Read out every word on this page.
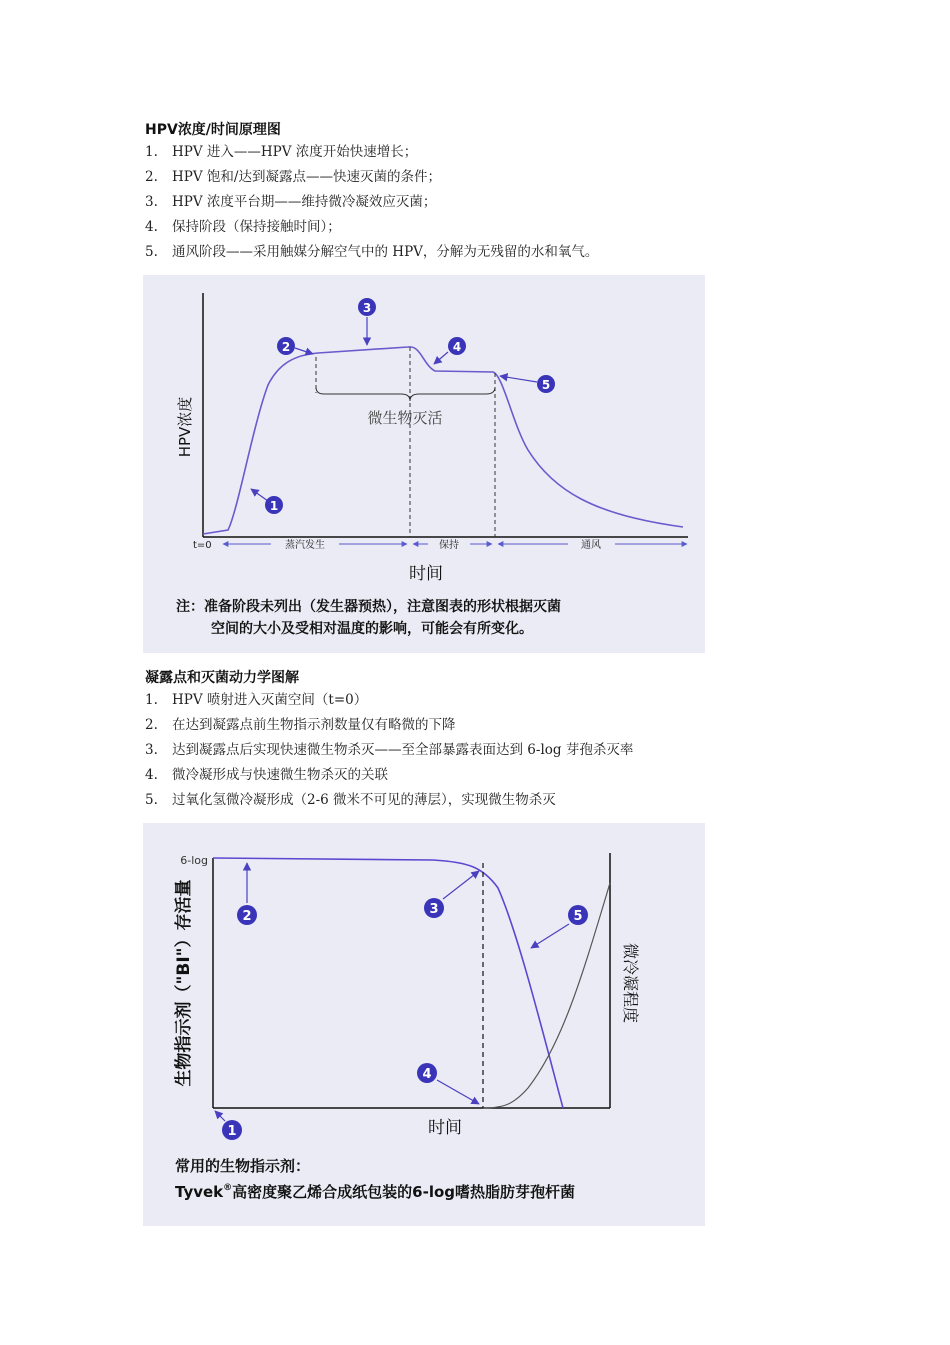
HPV浓度/时间原理图
1. HPV 进入——HPV 浓度开始快速增长；
2. HPV 饱和/达到凝露点——快速灭菌的条件；
3. HPV 浓度平台期——维持微冷凝效应灭菌；
4. 保持阶段（保持接触时间）；
5. 通风阶段——采用触媒分解空气中的 HPV，分解为无残留的水和氧气。
微生物灭活
HPV浓度
1
2
3
4
5
t=0	蒸汽发生	保持	通风
时间
注：准备阶段未列出（发生器预热），注意图表的形状根据灭菌
空间的大小及受相对温度的影响，可能会有所变化。
凝露点和灭菌动力学图解
1. HPV 喷射进入灭菌空间（t=0）
2. 在达到凝露点前生物指示剂数量仅有略微的下降
3. 达到凝露点后实现快速微生物杀灭——至全部暴露表面达到 6-log 芽孢杀灭率
4. 微冷凝形成与快速微生物杀灭的关联
5. 过氧化氢微冷凝形成（2-6 微米不可见的薄层），实现微生物杀灭
6-log
生物指示剂（"BI"）存活量	微冷凝程度
1
2	3
4
5
时间
常用的生物指示剂：
Tyvek®高密度聚乙烯合成纸包装的6-log嗜热脂肪芽孢杆菌
